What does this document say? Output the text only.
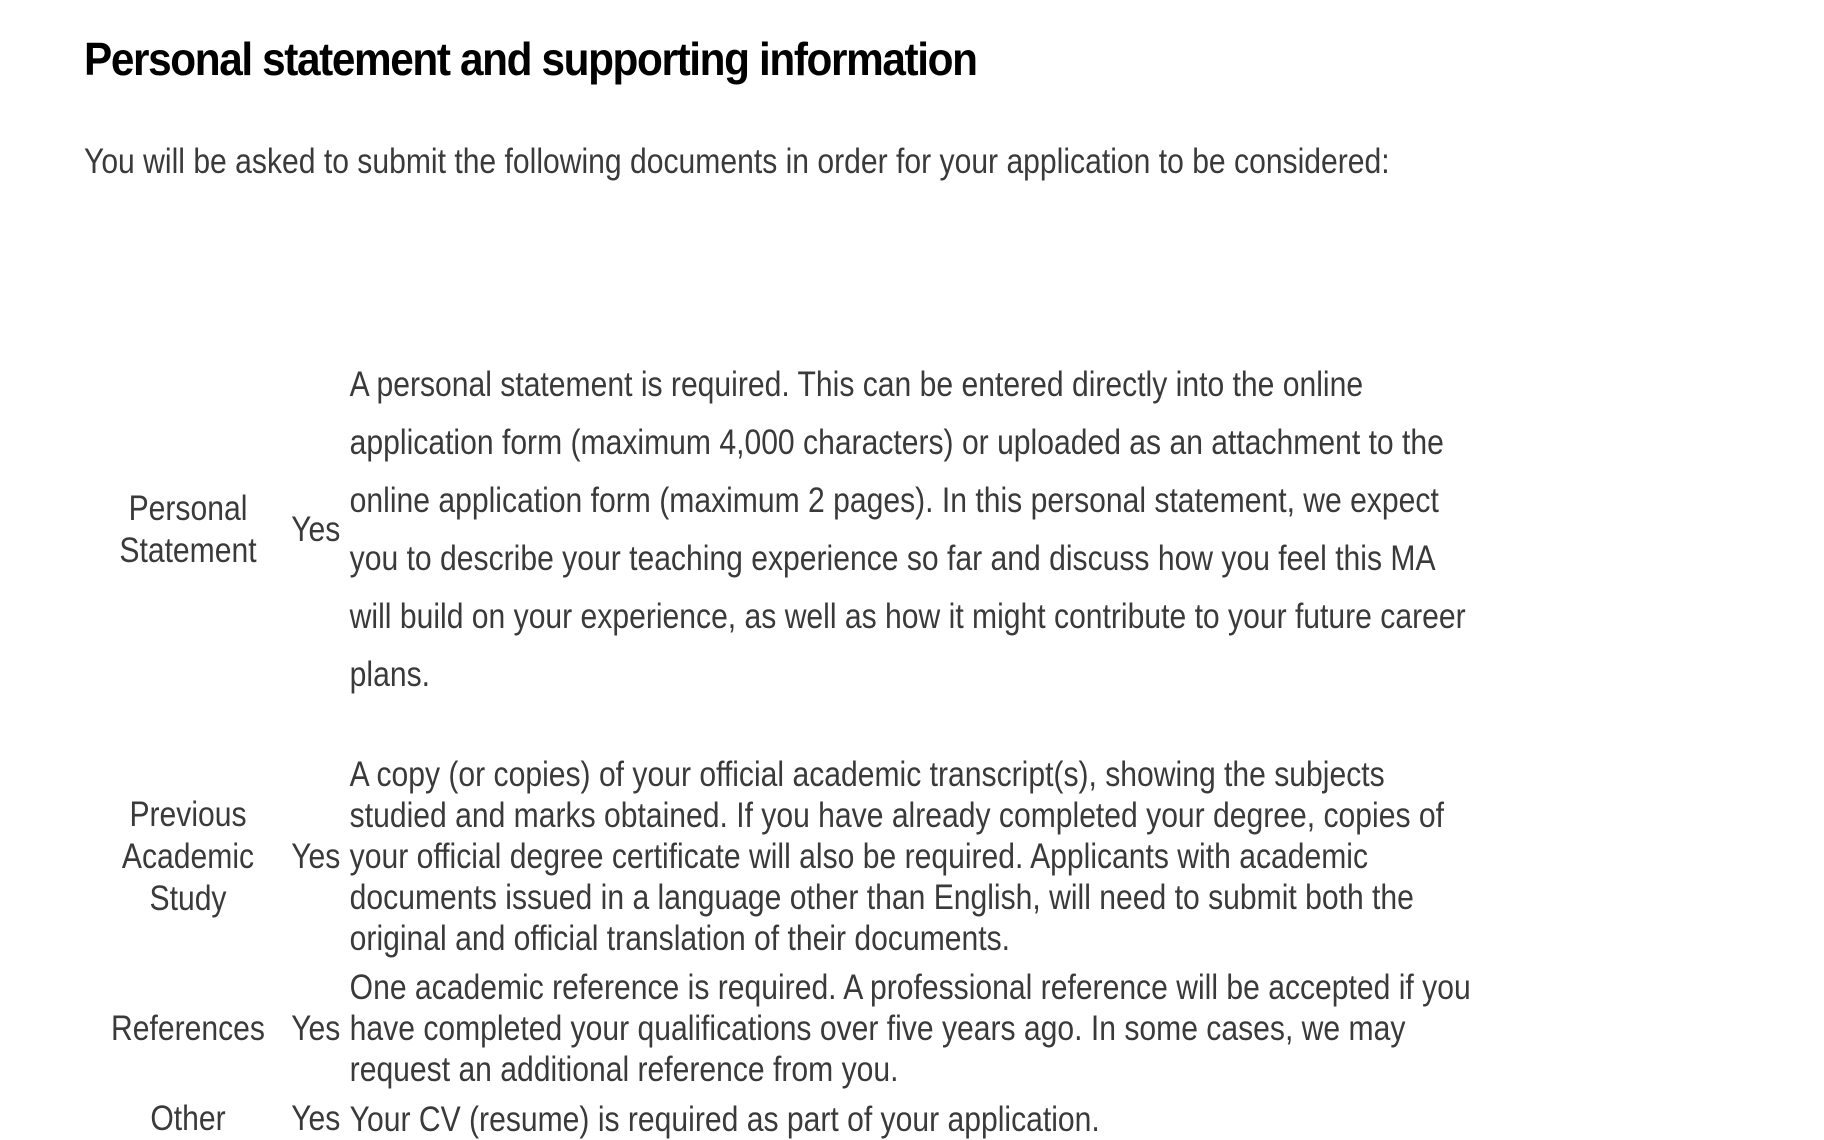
Personal statement and supporting information

You will be asked to submit the following documents in order for your application to be considered:

Personal Statement	Yes	A personal statement is required. This can be entered directly into the online application form (maximum 4,000 characters) or uploaded as an attachment to the online application form (maximum 2 pages). In this personal statement, we expect you to describe your teaching experience so far and discuss how you feel this MA will build on your experience, as well as how it might contribute to your future career plans.
Previous Academic Study	Yes	A copy (or copies) of your official academic transcript(s), showing the subjects studied and marks obtained. If you have already completed your degree, copies of your official degree certificate will also be required. Applicants with academic documents issued in a language other than English, will need to submit both the original and official translation of their documents.
References	Yes	One academic reference is required. A professional reference will be accepted if you have completed your qualifications over five years ago. In some cases, we may request an additional reference from you.
Other	Yes	Your CV (resume) is required as part of your application.
